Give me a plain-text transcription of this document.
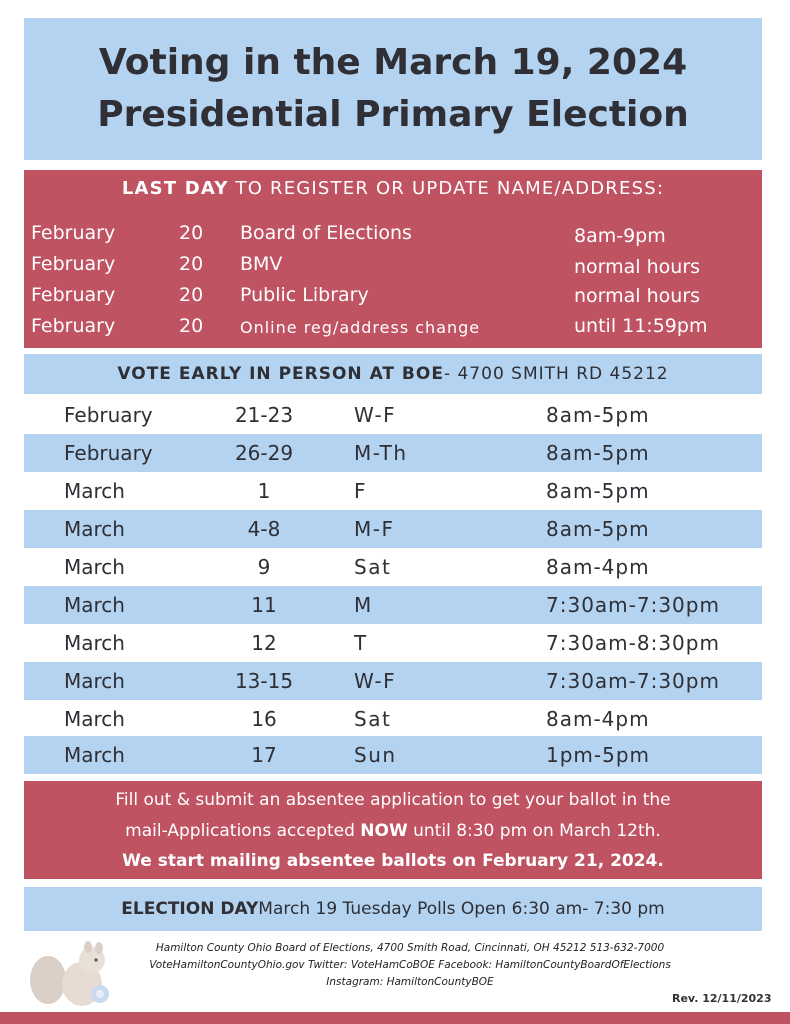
Voting in the March 19, 2024
Presidential Primary Election
LAST DAY TO REGISTER OR UPDATE NAME/ADDRESS:
February	20 Board of Elections	8am-9pm
February	20 BMV	normal hours
February	20 Public Library	normal hours
February	20 Online reg/address change	until 11:59pm
VOTE EARLY IN PERSON AT BOE - 4700 SMITH RD 45212
February	21-23	W-F	8am-5pm
February	26-29	M-Th	8am-5pm
March	1	F	8am-5pm
March	4-8	M-F	8am-5pm
March	9	Sat	8am-4pm
March	11	M	7:30am-7:30pm
March	12	T	7:30am-8:30pm
March	13-15	W-F	7:30am-7:30pm
March	16	Sat	8am-4pm
March	17	Sun	1pm-5pm
Fill out & submit an absentee application to get your ballot in the
mail-Applications accepted NOW until 8:30 pm on March 12th.
We start mailing absentee ballots on February 21, 2024.
ELECTION DAY March 19 Tuesday Polls Open 6:30 am- 7:30 pm
Hamilton County Ohio Board of Elections, 4700 Smith Road, Cincinnati, OH 45212 513-632-7000
VoteHamiltonCountyOhio.gov Twitter: VoteHamCoBOE Facebook: HamiltonCountyBoardOfElections
Instagram: HamiltonCountyBOE
Rev. 12/11/2023
